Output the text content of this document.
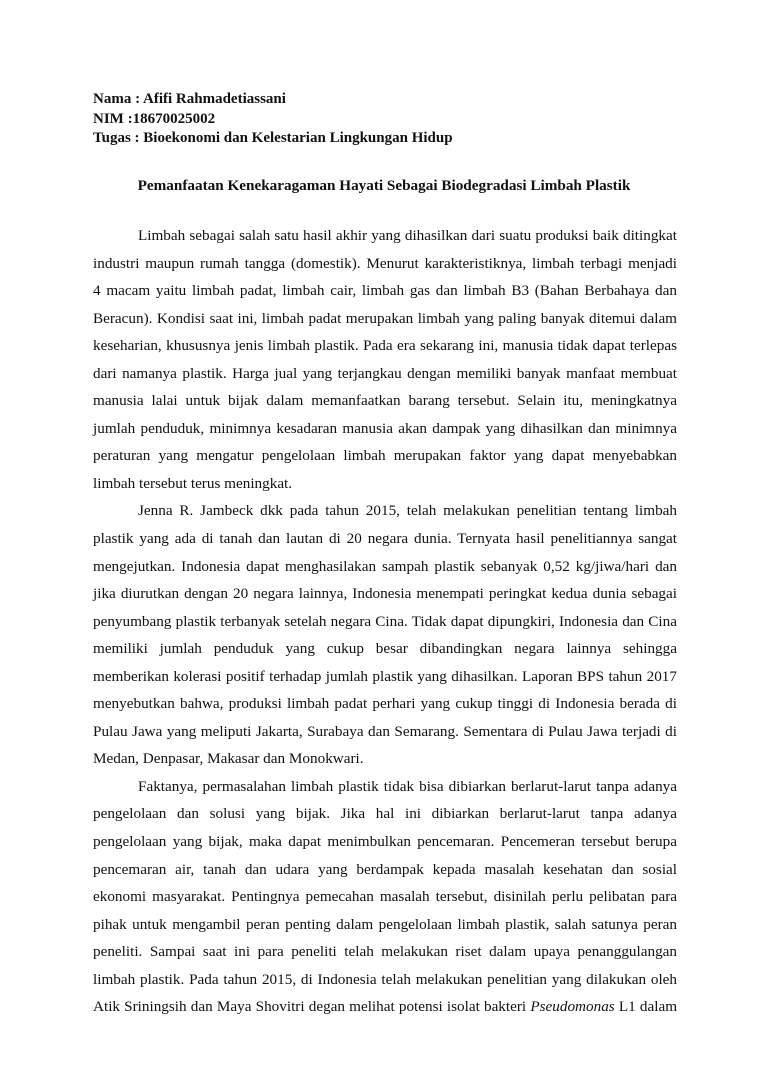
Nama : Afifi Rahmadetiassani
NIM :18670025002
Tugas : Bioekonomi dan Kelestarian Lingkungan Hidup
Pemanfaatan Kenekaragaman Hayati Sebagai Biodegradasi Limbah Plastik
Limbah sebagai salah satu hasil akhir yang dihasilkan dari suatu produksi baik ditingkat
industri maupun rumah tangga (domestik). Menurut karakteristiknya, limbah terbagi menjadi
4 macam yaitu limbah padat, limbah cair, limbah gas dan limbah B3 (Bahan Berbahaya dan
Beracun). Kondisi saat ini, limbah padat merupakan limbah yang paling banyak ditemui dalam
keseharian, khususnya jenis limbah plastik. Pada era sekarang ini, manusia tidak dapat terlepas
dari namanya plastik. Harga jual yang terjangkau dengan memiliki banyak manfaat membuat
manusia lalai untuk bijak dalam memanfaatkan barang tersebut. Selain itu, meningkatnya
jumlah penduduk, minimnya kesadaran manusia akan dampak yang dihasilkan dan minimnya
peraturan yang mengatur pengelolaan limbah merupakan faktor yang dapat menyebabkan
limbah tersebut terus meningkat.
Jenna R. Jambeck dkk pada tahun 2015, telah melakukan penelitian tentang limbah
plastik yang ada di tanah dan lautan di 20 negara dunia. Ternyata hasil penelitiannya sangat
mengejutkan. Indonesia dapat menghasilakan sampah plastik sebanyak 0,52 kg/jiwa/hari dan
jika diurutkan dengan 20 negara lainnya, Indonesia menempati peringkat kedua dunia sebagai
penyumbang plastik terbanyak setelah negara Cina. Tidak dapat dipungkiri, Indonesia dan Cina
memiliki jumlah penduduk yang cukup besar dibandingkan negara lainnya sehingga
memberikan kolerasi positif terhadap jumlah plastik yang dihasilkan. Laporan BPS tahun 2017
menyebutkan bahwa, produksi limbah padat perhari yang cukup tinggi di Indonesia berada di
Pulau Jawa yang meliputi Jakarta, Surabaya dan Semarang. Sementara di Pulau Jawa terjadi di
Medan, Denpasar, Makasar dan Monokwari.
Faktanya, permasalahan limbah plastik tidak bisa dibiarkan berlarut-larut tanpa adanya
pengelolaan dan solusi yang bijak. Jika hal ini dibiarkan berlarut-larut tanpa adanya
pengelolaan yang bijak, maka dapat menimbulkan pencemaran. Pencemeran tersebut berupa
pencemaran air, tanah dan udara yang berdampak kepada masalah kesehatan dan sosial
ekonomi masyarakat. Pentingnya pemecahan masalah tersebut, disinilah perlu pelibatan para
pihak untuk mengambil peran penting dalam pengelolaan limbah plastik, salah satunya peran
peneliti. Sampai saat ini para peneliti telah melakukan riset dalam upaya penanggulangan
limbah plastik. Pada tahun 2015, di Indonesia telah melakukan penelitian yang dilakukan oleh
Atik Sriningsih dan Maya Shovitri degan melihat potensi isolat bakteri Pseudomonas L1 dalam
